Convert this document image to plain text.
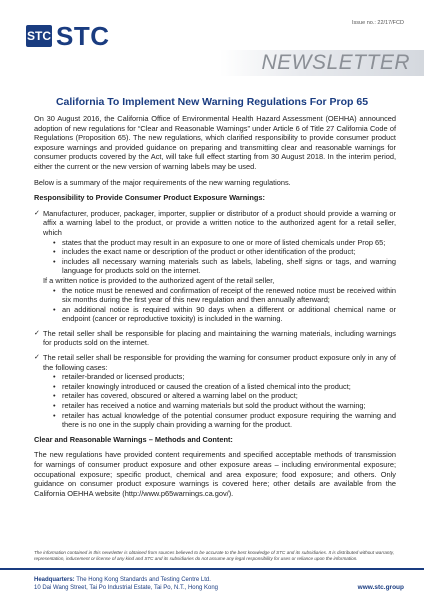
STC STC	Issue no.: 22/17/FCD
NEWSLETTER
California To Implement New Warning Regulations For Prop 65

On 30 August 2016, the California Office of Environmental Health Hazard Assessment (OEHHA) announced adoption of new regulations for “Clear and Reasonable Warnings” under Article 6 of Title 27 California Code of Regulations (Proposition 65). The new regulations, which clarified responsibility to provide consumer product exposure warnings and provided guidance on preparing and transmitting clear and reasonable warnings for consumer products covered by the Act, will take full effect starting from 30 August 2018. In the interim period, either the current or the new version of warning labels may be used.

Below is a summary of the major requirements of the new warning regulations.

Responsibility to Provide Consumer Product Exposure Warnings:
✓ Manufacturer, producer, packager, importer, supplier or distributor of a product should provide a warning or affix a warning label to the product, or provide a written notice to the authorized agent for a retail seller, which
• states that the product may result in an exposure to one or more of listed chemicals under Prop 65;
• includes the exact name or description of the product or other identification of the product;
• includes all necessary warning materials such as labels, labeling, shelf signs or tags, and warning language for products sold on the internet.
If a written notice is provided to the authorized agent of the retail seller,
• the notice must be renewed and confirmation of receipt of the renewed notice must be received within six months during the first year of this new regulation and then annually afterward;
• an additional notice is required within 90 days when a different or additional chemical name or endpoint (cancer or reproductive toxicity) is included in the warning.
✓ The retail seller shall be responsible for placing and maintaining the warning materials, including warnings for products sold on the internet.
✓ The retail seller shall be responsible for providing the warning for consumer product exposure only in any of the following cases:
• retailer-branded or licensed products;
• retailer knowingly introduced or caused the creation of a listed chemical into the product;
• retailer has covered, obscured or altered a warning label on the product;
• retailer has received a notice and warning materials but sold the product without the warning;
• retailer has actual knowledge of the potential consumer product exposure requiring the warning and there is no one in the supply chain providing a warning for the product.
Clear and Reasonable Warnings – Methods and Content:

The new regulations have provided content requirements and specified acceptable methods of transmission for warnings of consumer product exposure and other exposure areas – including environmental exposure; occupational exposure; specific product, chemical and area exposure; food exposure; and others. Only guidance on consumer product exposure warnings is covered here; other details are available from the California OEHHA website (http://www.p65warnings.ca.gov/).

The information contained in this newsletter is obtained from sources believed to be accurate to the best knowledge of STC and its subsidiaries. It is distributed without warranty, representation, inducement or license of any kind and STC and its subsidiaries do not assume any legal responsibility for uses or reliance upon the information.
Headquarters: The Hong Kong Standards and Testing Centre Ltd.
10 Dai Wang Street, Tai Po Industrial Estate, Tai Po, N.T., Hong Kong	www.stc.group
